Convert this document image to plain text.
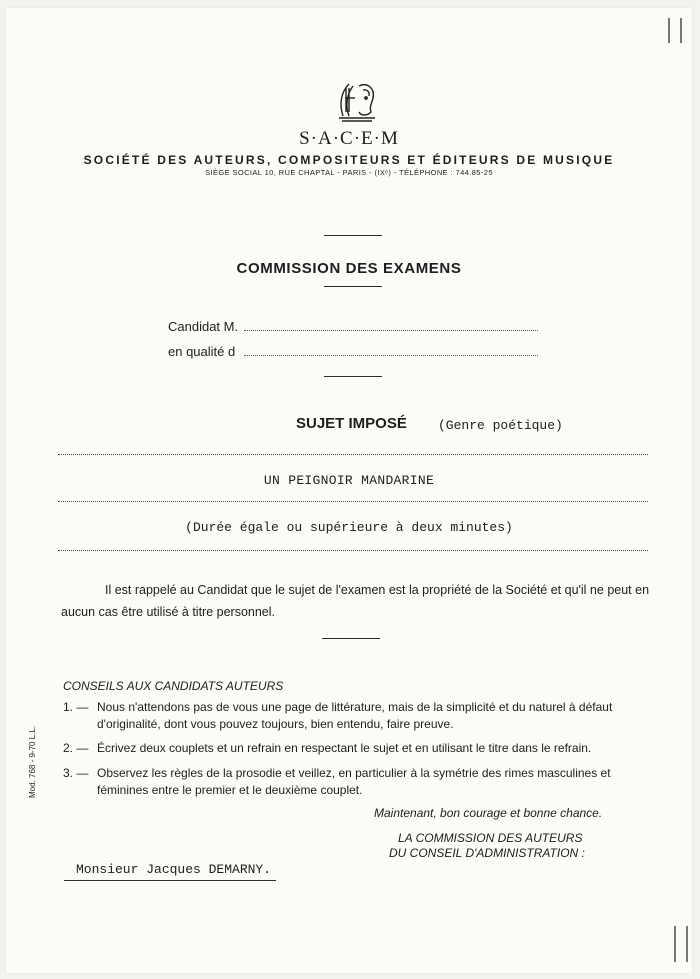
S·A·C·E·M
SOCIÉTÉ DES AUTEURS, COMPOSITEURS ET ÉDITEURS DE MUSIQUE
SIÈGE SOCIAL 10, RUE CHAPTAL - PARIS - (IXᵉ) - TÉLÉPHONE : 744.85-25
COMMISSION DES EXAMENS
Candidat M.
en qualité d
SUJET IMPOSÉ (Genre poétique)
UN PEIGNOIR MANDARINE
(Durée égale ou supérieure à deux minutes)
Il est rappelé au Candidat que le sujet de l'examen est la propriété de la Société et qu'il ne peut en aucun cas être utilisé à titre personnel.
CONSEILS AUX CANDIDATS AUTEURS
1. — Nous n'attendons pas de vous une page de littérature, mais de la simplicité et du naturel à défaut d'originalité, dont vous pouvez toujours, bien entendu, faire preuve.
2. — Écrivez deux couplets et un refrain en respectant le sujet et en utilisant le titre dans le refrain.
3. — Observez les règles de la prosodie et veillez, en particulier à la symétrie des rimes masculines et féminines entre le premier et le deuxième couplet.
Maintenant, bon courage et bonne chance.
LA COMMISSION DES AUTEURS
DU CONSEIL D'ADMINISTRATION :
Mod. 768 - 9-70 L.L.
Monsieur Jacques DEMARNY.
